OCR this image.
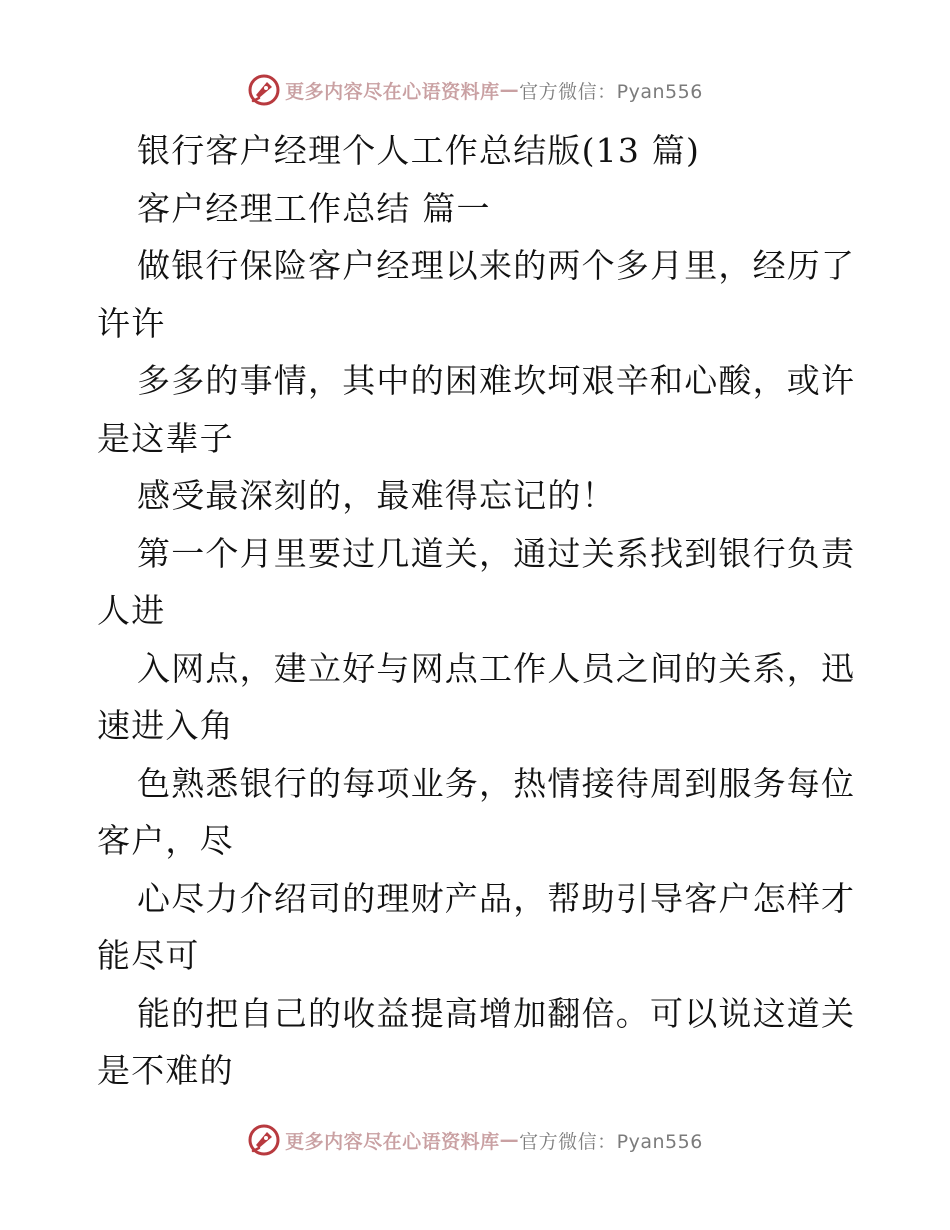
更多内容尽在心语资料库 — 官方微信：Pyan556
银行客户经理个人工作总结版(13 篇)
客户经理工作总结 篇一
做银行保险客户经理以来的两个多月里，经历了
许许
多多的事情，其中的困难坎坷艰辛和心酸，或许
是这辈子
感受最深刻的，最难得忘记的！
第一个月里要过几道关，通过关系找到银行负责
人进
入网点，建立好与网点工作人员之间的关系，迅
速进入角
色熟悉银行的每项业务，热情接待周到服务每位
客户，尽
心尽力介绍司的理财产品，帮助引导客户怎样才
能尽可
能的把自己的收益提高增加翻倍。可以说这道关
是不难的
更多内容尽在心语资料库 — 官方微信：Pyan556
